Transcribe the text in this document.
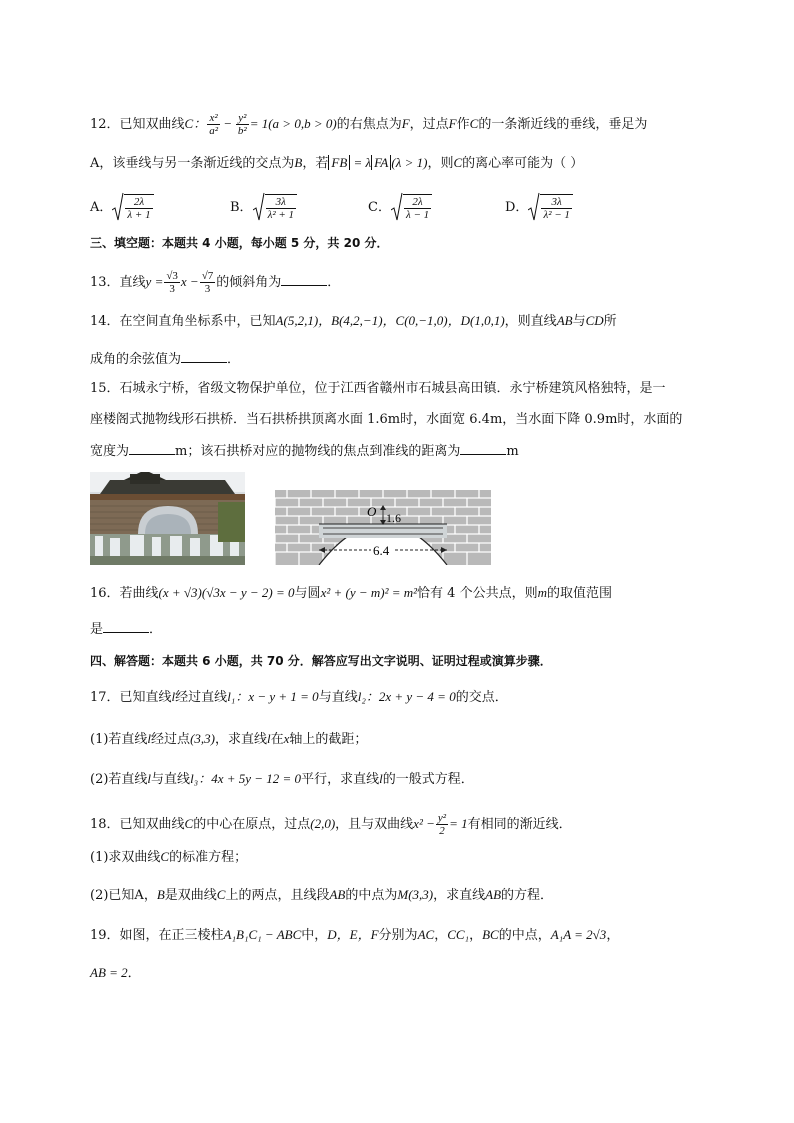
12．已知双曲线C： $\frac{\text{x²}}{\text{a²}} - \frac{\text{y²}}{\text{b²}} = 1(a > 0,b > 0)$的右焦点为F，过点F作C的一条渐近线的垂线，垂足为
A，该垂线与另一条渐近线的交点为B，若 FB = λ FA (λ > 1)，则C的离心率可能为（ ）
A． $\frac{2\lambda}{\lambda + 1}$	B． $\frac{3\lambda}{\text{λ² + 1}}$	C． $\frac{2\lambda}{\lambda - 1}$	D． $\frac{3\lambda}{\text{λ² − 1}}$
三、填空题：本题共 4 小题，每小题 5 分，共 20 分．
13．直线$y = \frac{√3}{3}$ $x - \frac{√7}{3}$ 的倾斜角为	．
14．在空间直角坐标系中，已知A(5,2,1)，B(4,2,−1)，C(0,−1,0)，D(1,0,1)，则直线AB与CD所
成角的余弦值为	．
15．石城永宁桥，省级文物保护单位，位于江西省赣州市石城县高田镇．永宁桥建筑风格独特，是一
座楼阁式抛物线形石拱桥．当石拱桥拱顶离水面 1.6m时，水面宽 6.4m，当水面下降 0.9m时，水面的
宽度为	m；该石拱桥对应的抛物线的焦点到准线的距离为	m
O 1.6
6.4
16．若曲线(x + √3)(√3x − y − 2) = 0与圆x² + (y − m)² = m²恰有 4 个公共点，则m的取值范围
是	．
四、解答题：本题共 6 小题，共 70 分．解答应写出文字说明、证明过程或演算步骤．
17．已知直线l经过直线l₁：x − y + 1 = 0与直线l₂：2x + y − 4 = 0的交点．
(1)若直线l经过点(3,3)，求直线l在x轴上的截距；
(2)若直线l与直线l₃：4x + 5y − 12 = 0平行，求直线l的一般式方程．
18．已知双曲线C的中心在原点，过点(2,0)，且与双曲线$x^2 - \frac{\text{y²}}{2} = 1$有相同的渐近线．
(1)求双曲线C的标准方程；
(2)已知A，B是双曲线C上的两点，且线段AB的中点为M(3,3)，求直线AB的方程．
19．如图，在正三棱柱A₁B₁C₁ − ABC中，D，E，F分别为AC，CC₁，BC的中点，A₁A = 2√3，
AB = 2．
